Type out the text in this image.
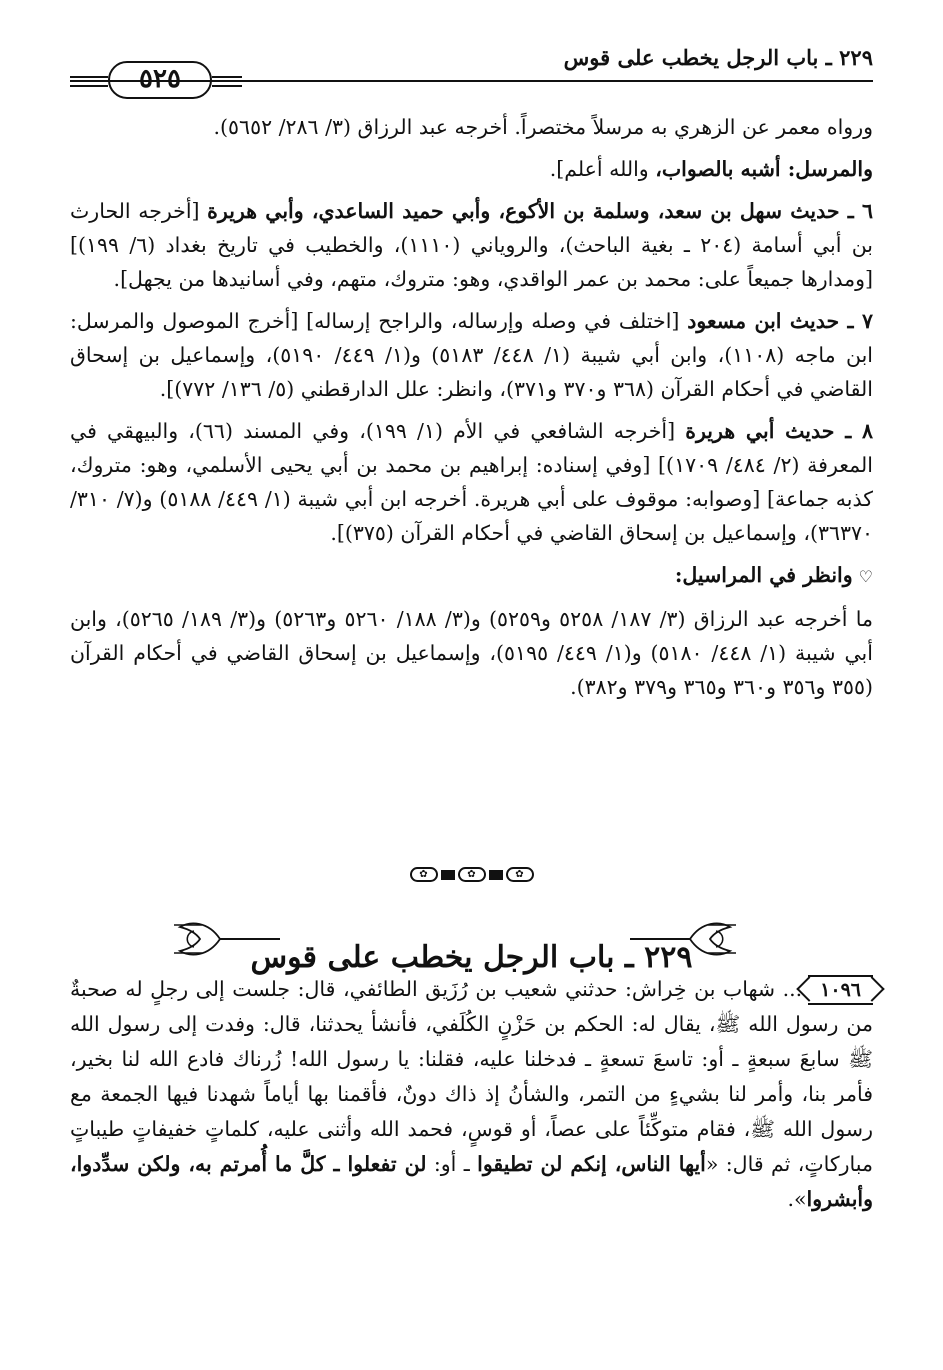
٢٢٩ ـ باب الرجل يخطب على قوس
٥٢٥

ورواه معمر عن الزهري به مرسلاً مختصراً. أخرجه عبد الرزاق (٣/ ٢٨٦/ ٥٦٥٢).

والمرسل: أشبه بالصواب، والله أعلم].

٦ ـ حديث سهل بن سعد، وسلمة بن الأكوع، وأبي حميد الساعدي، وأبي هريرة [أخرجه الحارث بن أبي أسامة (٢٠٤ ـ بغية الباحث)، والروياني (١١١٠)، والخطيب في تاريخ بغداد (٦/ ١٩٩)] [ومدارها جميعاً على: محمد بن عمر الواقدي، وهو: متروك، متهم، وفي أسانيدها من يجهل].

٧ ـ حديث ابن مسعود [اختلف في وصله وإرساله، والراجح إرساله] [أخرج الموصول والمرسل: ابن ماجه (١١٠٨)، وابن أبي شيبة (١/ ٤٤٨/ ٥١٨٣) و(١/ ٤٤٩/ ٥١٩٠)، وإسماعيل بن إسحاق القاضي في أحكام القرآن (٣٦٨ و٣٧٠ و٣٧١)، وانظر: علل الدارقطني (٥/ ١٣٦/ ٧٧٢)].

٨ ـ حديث أبي هريرة [أخرجه الشافعي في الأم (١/ ١٩٩)، وفي المسند (٦٦)، والبيهقي في المعرفة (٢/ ٤٨٤/ ١٧٠٩)] [وفي إسناده: إبراهيم بن محمد بن أبي يحيى الأسلمي، وهو: متروك، كذبه جماعة] [وصوابه: موقوف على أبي هريرة. أخرجه ابن أبي شيبة (١/ ٤٤٩/ ٥١٨٨) و(٧/ ٣١٠/ ٣٦٣٧٠)، وإسماعيل بن إسحاق القاضي في أحكام القرآن (٣٧٥)].

♡وانظر في المراسيل:

ما أخرجه عبد الرزاق (٣/ ١٨٧/ ٥٢٥٨ و٥٢٥٩) و(٣/ ١٨٨/ ٥٢٦٠ و٥٢٦٣) و(٣/ ١٨٩/ ٥٢٦٥)، وابن أبي شيبة (١/ ٤٤٨/ ٥١٨٠) و(١/ ٤٤٩/ ٥١٩٥)، وإسماعيل بن إسحاق القاضي في أحكام القرآن (٣٥٥ و٣٥٦ و٣٦٠ و٣٦٥ و٣٧٩ و٣٨٢).

✿	✿	✿
٢٢٩ ـ باب الرجل يخطب على قوس

١٠٩٦... شهاب بن خِراش: حدثني شعيب بن رُزَيق الطائفي، قال: جلست إلى رجلٍ له صحبةٌ من رسول الله ﷺ، يقال له: الحكم بن حَزْنٍ الكُلَفي، فأنشأ يحدثنا، قال: وفدت إلى رسول الله ﷺ سابعَ سبعةٍ ـ أو: تاسعَ تسعةٍ ـ فدخلنا عليه، فقلنا: يا رسول الله! زُرناك فادع الله لنا بخير، فأمر بنا، وأمر لنا بشيءٍ من التمر، والشأنُ إذ ذاك دونٌ، فأقمنا بها أياماً شهدنا فيها الجمعة مع رسول الله ﷺ، فقام متوكِّئاً على عصاً، أو قوسٍ، فحمد الله وأثنى عليه، كلماتٍ خفيفاتٍ طيباتٍ مباركاتٍ، ثم قال: «أيها الناس، إنكم لن تطيقوا ـ أو: لن تفعلوا ـ كلَّ ما أُمرتم به، ولكن سدِّدوا، وأبشروا».
